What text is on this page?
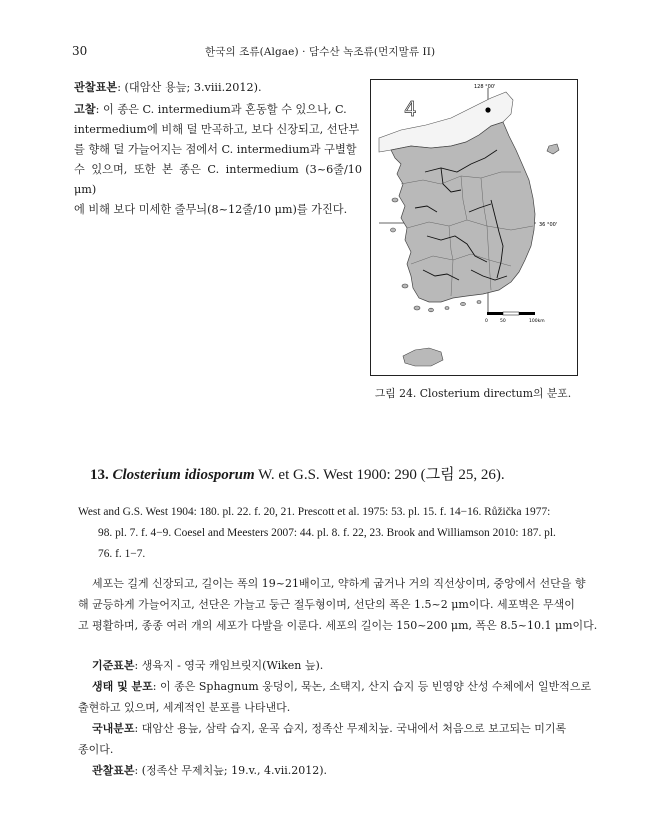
30	한국의 조류(Algae) · 담수산 녹조류(먼지말류 II)

관찰표본: (대암산 용늪; 3.viii.2012).

고찰: 이 종은 C. intermedium과 혼동할 수 있으나, C.
intermedium에 비해 덜 만곡하고, 보다 신장되고, 선단부
를 향해 덜 가늘어지는 점에서 C. intermedium과 구별할
수 있으며, 또한 본 종은 C. intermedium (3~6줄/10 μm)
에 비해 보다 미세한 줄무늬(8~12줄/10 μm)를 가진다.

128 °00'
36 °00'
4
0	50	100km
그림 24. Closterium directum의 분포.
13. Closterium idiosporum W. et G.S. West 1900: 290 (그림 25, 26).
West and G.S. West 1904: 180. pl. 22. f. 20, 21. Prescott et al. 1975: 53. pl. 15. f. 14−16. Růžička 1977:
98. pl. 7. f. 4−9. Coesel and Meesters 2007: 44. pl. 8. f. 22, 23. Brook and Williamson 2010: 187. pl.
76. f. 1−7.
세포는 길게 신장되고, 길이는 폭의 19~21배이고, 약하게 굽거나 거의 직선상이며, 중앙에서 선단을 향
해 균등하게 가늘어지고, 선단은 가늘고 둥근 절두형이며, 선단의 폭은 1.5~2 μm이다. 세포벽은 무색이
고 평활하며, 종종 여러 개의 세포가 다발을 이룬다. 세포의 길이는 150~200 μm, 폭은 8.5~10.1 μm이다.
기준표본: 생육지 - 영국 캐임브릿지(Wiken 늪).
생태 및 분포: 이 종은 Sphagnum 웅덩이, 묵논, 소택지, 산지 습지 등 빈영양 산성 수체에서 일반적으로
출현하고 있으며, 세계적인 분포를 나타낸다.
국내분포: 대암산 용늪, 삼락 습지, 운곡 습지, 정족산 무제치늪. 국내에서 처음으로 보고되는 미기록
종이다.
관찰표본: (정족산 무제치늪; 19.v., 4.vii.2012).
